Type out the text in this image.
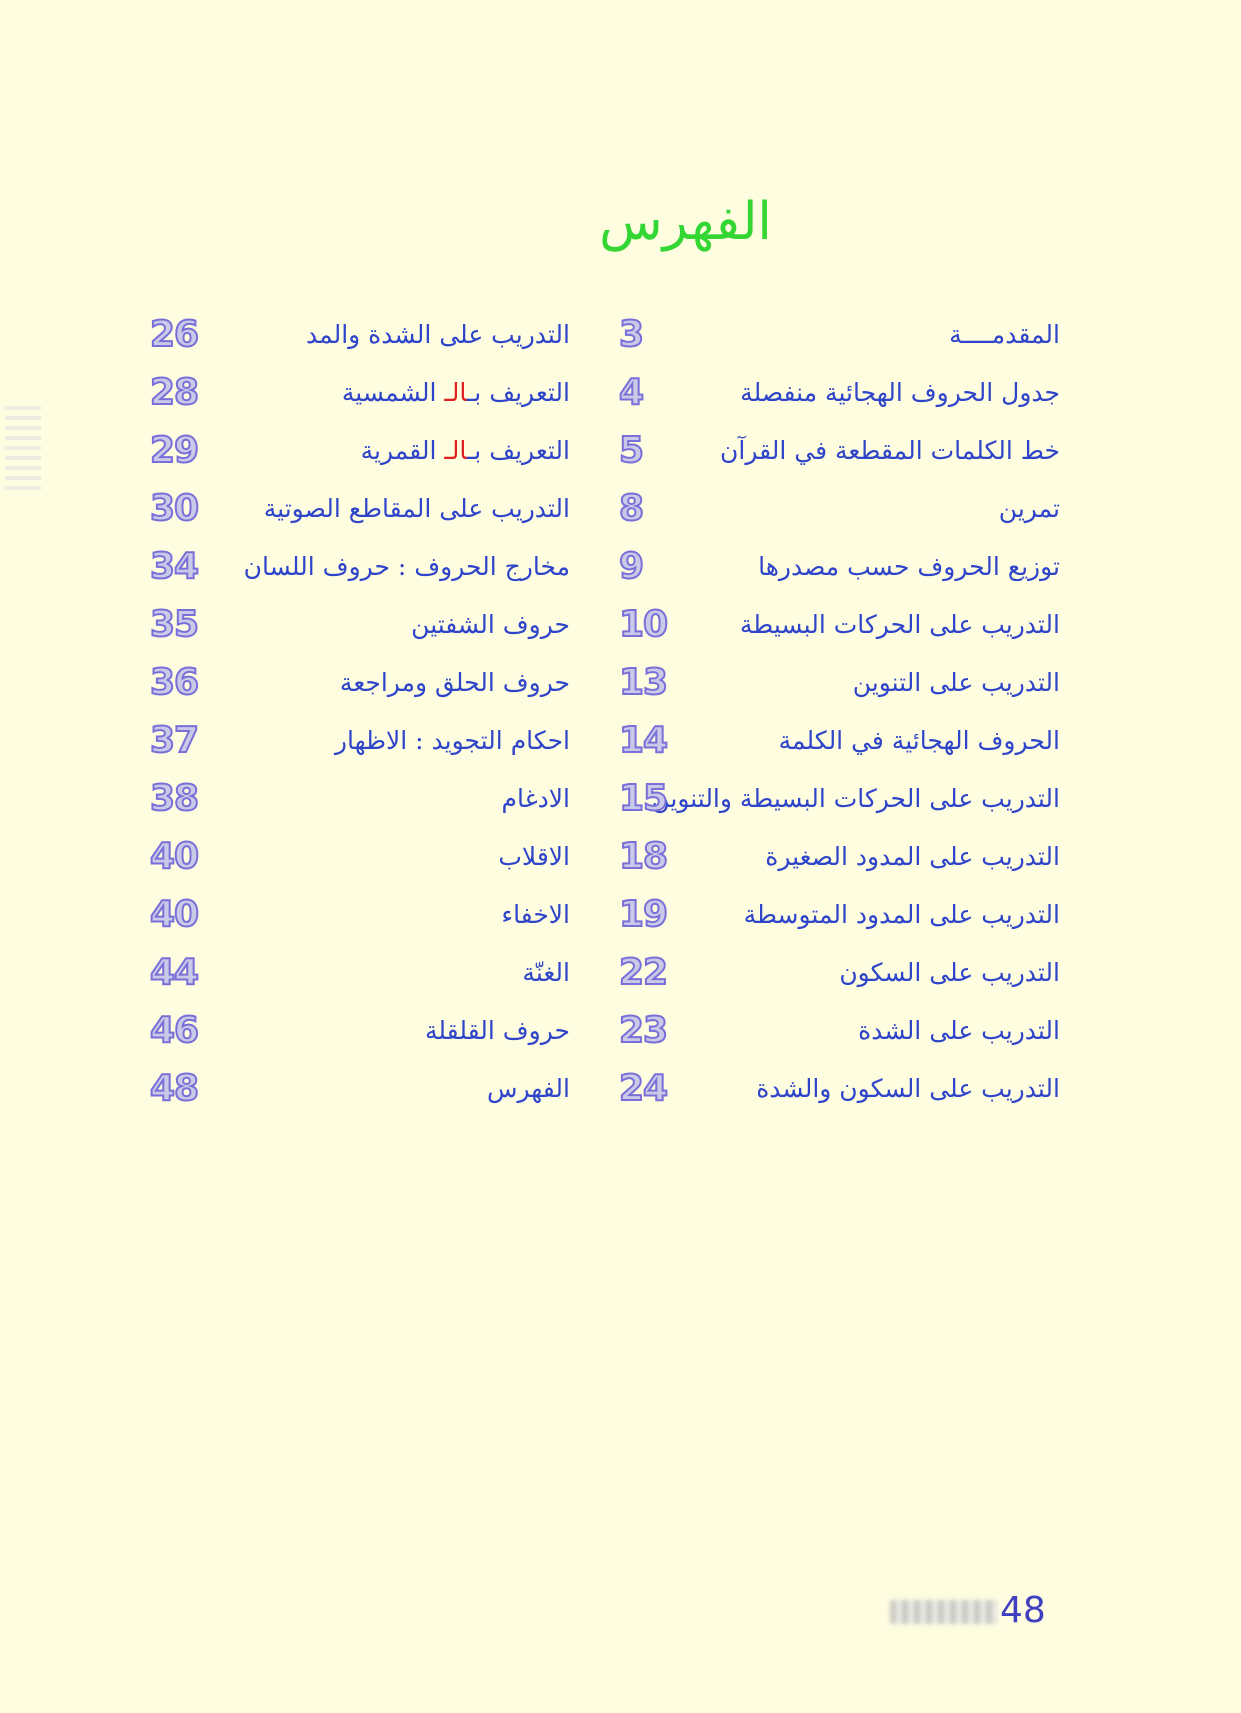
الفهرس
المقدمــــة
3
جدول الحروف الهجائية منفصلة
4
خط الكلمات المقطعة في القرآن
5
تمرين
8
توزيع الحروف حسب مصدرها
9
التدريب على الحركات البسيطة
10
التدريب على التنوين
13
الحروف الهجائية في الكلمة
14
التدريب على الحركات البسيطة والتنوين
15
التدريب على المدود الصغيرة
18
التدريب على المدود المتوسطة
19
التدريب على السكون
22
التدريب على الشدة
23
التدريب على السكون والشدة
24
التدريب على الشدة والمد
26
التعريف بـالـ الشمسية
28
التعريف بـالـ القمرية
29
التدريب على المقاطع الصوتية
30
مخارج الحروف : حروف اللسان
34
حروف الشفتين
35
حروف الحلق ومراجعة
36
احكام التجويد : الاظهار
37
الادغام
38
الاقلاب
40
الاخفاء
40
الغنّة
44
حروف القلقلة
46
الفهرس
48
48
